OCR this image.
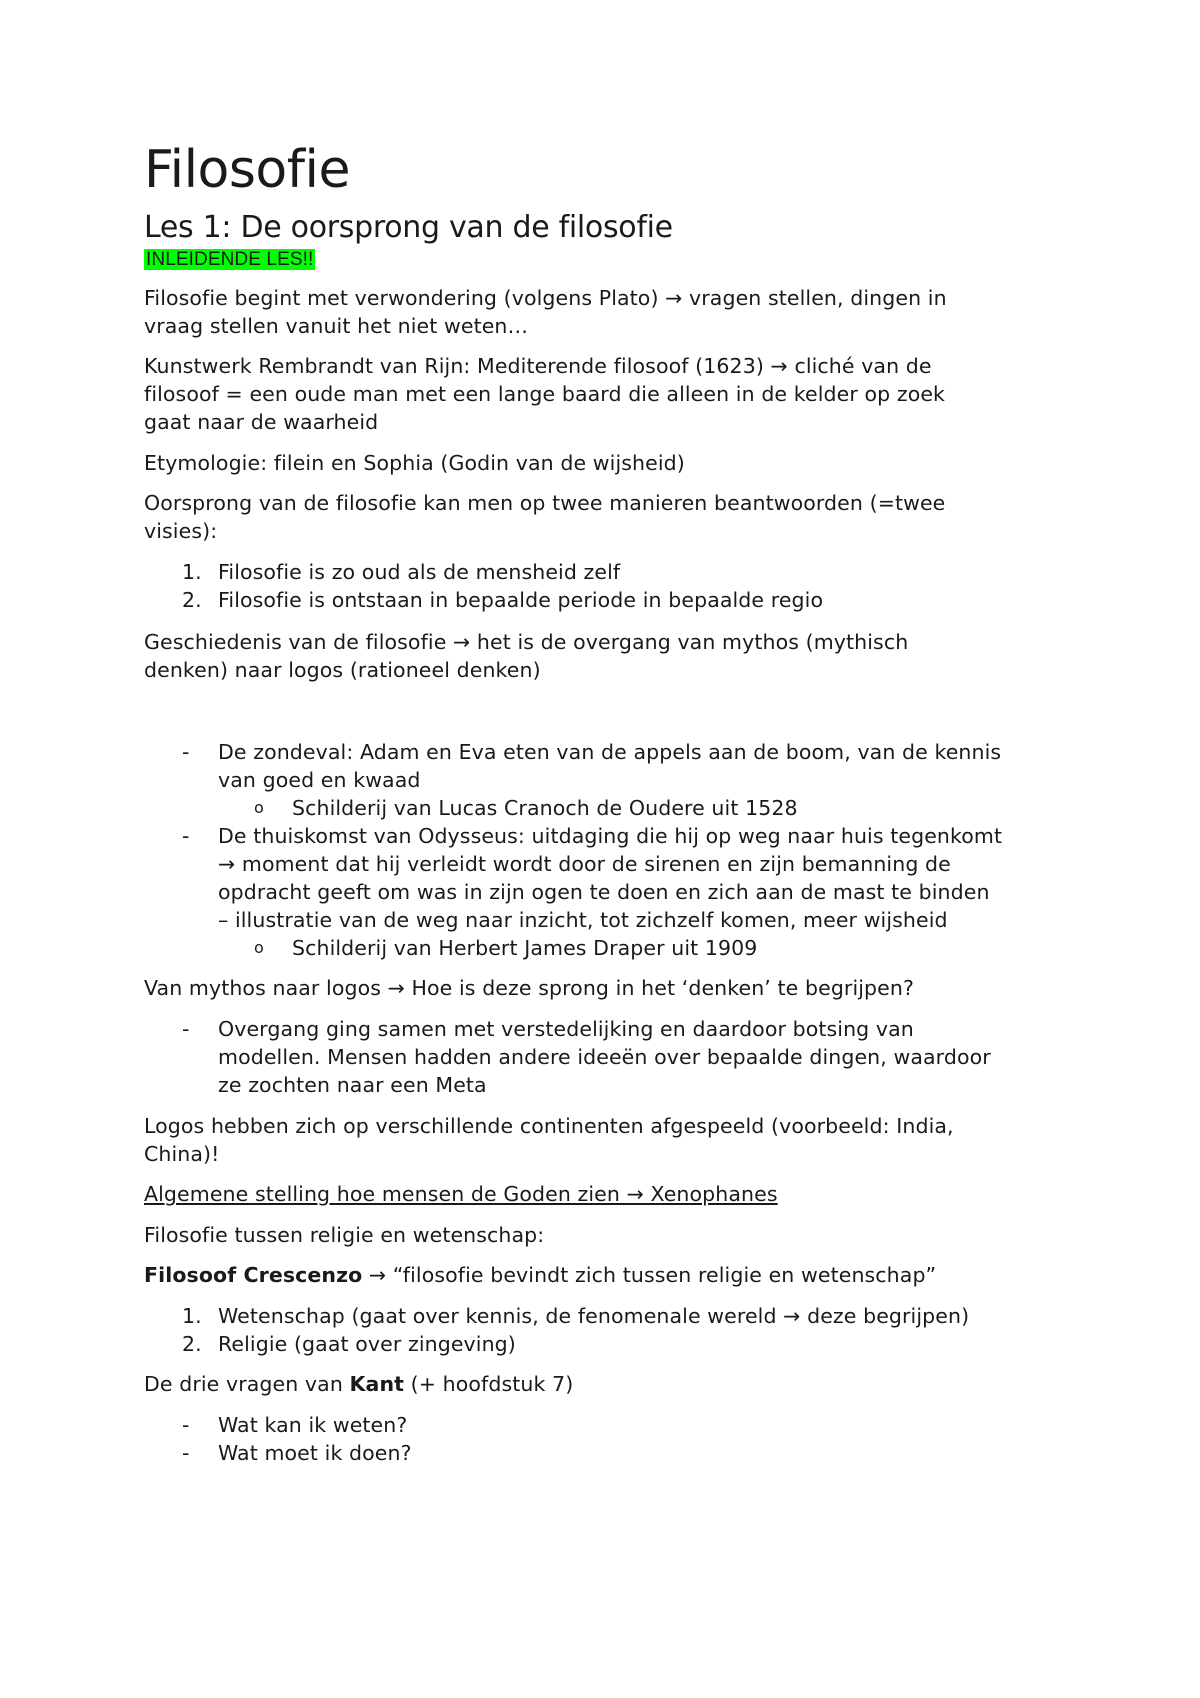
Filosofie
Les 1: De oorsprong van de filosofie
INLEIDENDE LES!!
Filosofie begint met verwondering (volgens Plato) → vragen stellen, dingen in
vraag stellen vanuit het niet weten…
Kunstwerk Rembrandt van Rijn: Mediterende filosoof (1623) → cliché van de
filosoof = een oude man met een lange baard die alleen in de kelder op zoek
gaat naar de waarheid
Etymologie: filein en Sophia (Godin van de wijsheid)
Oorsprong van de filosofie kan men op twee manieren beantwoorden (=twee
visies):
1. Filosofie is zo oud als de mensheid zelf
2. Filosofie is ontstaan in bepaalde periode in bepaalde regio
Geschiedenis van de filosofie → het is de overgang van mythos (mythisch
denken) naar logos (rationeel denken)
-	De zondeval: Adam en Eva eten van de appels aan de boom, van de kennis
van goed en kwaad
o	Schilderij van Lucas Cranoch de Oudere uit 1528
-	De thuiskomst van Odysseus: uitdaging die hij op weg naar huis tegenkomt
→ moment dat hij verleidt wordt door de sirenen en zijn bemanning de
opdracht geeft om was in zijn ogen te doen en zich aan de mast te binden
– illustratie van de weg naar inzicht, tot zichzelf komen, meer wijsheid
o	Schilderij van Herbert James Draper uit 1909
Van mythos naar logos → Hoe is deze sprong in het ‘denken’ te begrijpen?
-	Overgang ging samen met verstedelijking en daardoor botsing van
modellen. Mensen hadden andere ideeën over bepaalde dingen, waardoor
ze zochten naar een Meta
Logos hebben zich op verschillende continenten afgespeeld (voorbeeld: India,
China)!
Algemene stelling hoe mensen de Goden zien → Xenophanes
Filosofie tussen religie en wetenschap:
Filosoof Crescenzo → “filosofie bevindt zich tussen religie en wetenschap”
1. Wetenschap (gaat over kennis, de fenomenale wereld → deze begrijpen)
2. Religie (gaat over zingeving)
De drie vragen van Kant (+ hoofdstuk 7)
-	Wat kan ik weten?
-	Wat moet ik doen?
